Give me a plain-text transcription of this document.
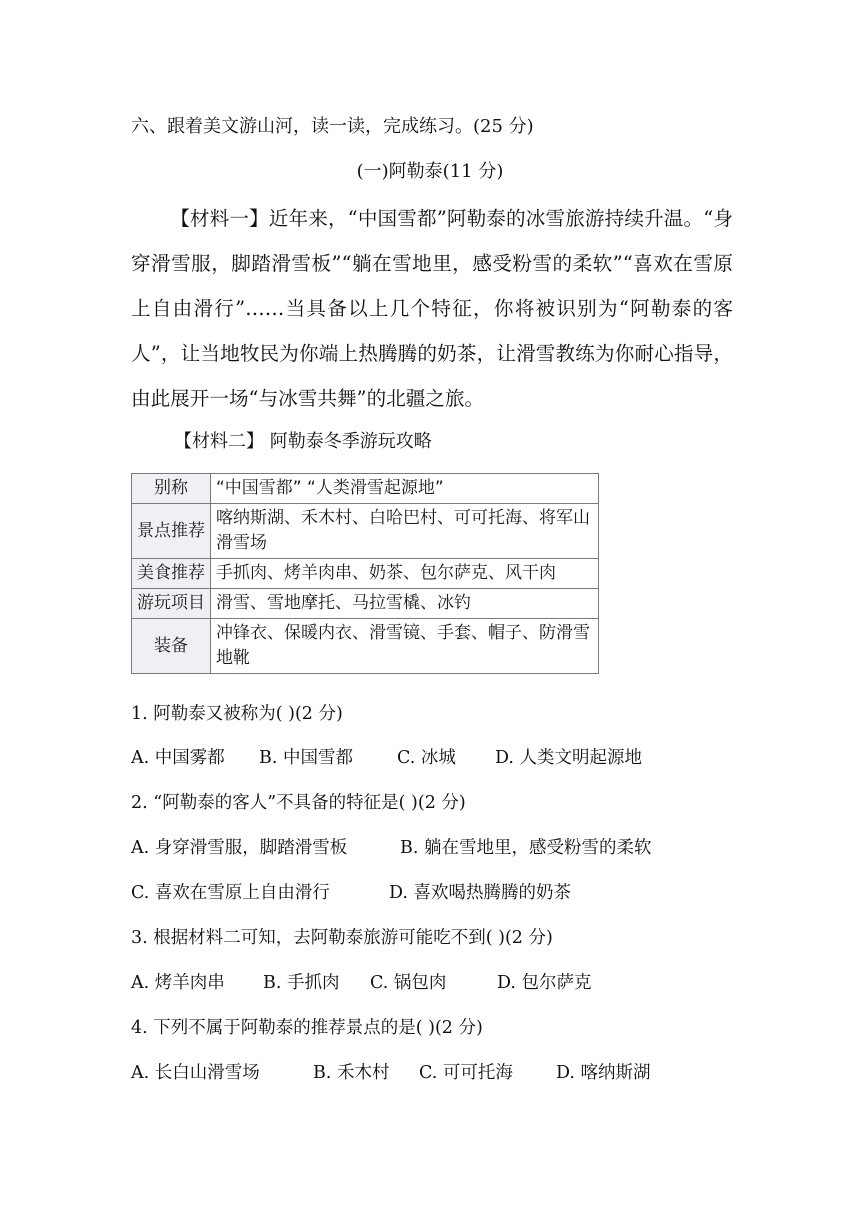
六、跟着美文游山河，读一读，完成练习。(25 分)
(一)阿勒泰(11 分)
【材料一】近年来，“中国雪都”阿勒泰的冰雪旅游持续升温。“身穿滑雪服，脚踏滑雪板”“躺在雪地里，感受粉雪的柔软”“喜欢在雪原上自由滑行”……当具备以上几个特征，你将被识别为“阿勒泰的客人”，让当地牧民为你端上热腾腾的奶茶，让滑雪教练为你耐心指导，由此展开一场“与冰雪共舞”的北疆之旅。
【材料二】 阿勒泰冬季游玩攻略
别称	“中国雪都” “人类滑雪起源地”
景点推荐	喀纳斯湖、禾木村、白哈巴村、可可托海、将军山滑雪场
美食推荐	手抓肉、烤羊肉串、奶茶、包尔萨克、风干肉
游玩项目	滑雪、雪地摩托、马拉雪橇、冰钓
装备	冲锋衣、保暖内衣、滑雪镜、手套、帽子、防滑雪地靴
1. 阿勒泰又被称为( )(2 分)
A. 中国雾都 B. 中国雪都	C. 冰城 D. 人类文明起源地
2. “阿勒泰的客人”不具备的特征是( )(2 分)
A. 身穿滑雪服，脚踏滑雪板	B. 躺在雪地里，感受粉雪的柔软
C. 喜欢在雪原上自由滑行	D. 喜欢喝热腾腾的奶茶
3. 根据材料二可知，去阿勒泰旅游可能吃不到( )(2 分)
A. 烤羊肉串 B. 手抓肉 C. 锅包肉	D. 包尔萨克
4. 下列不属于阿勒泰的推荐景点的是( )(2 分)
A. 长白山滑雪场	B. 禾木村 C. 可可托海 D. 喀纳斯湖
